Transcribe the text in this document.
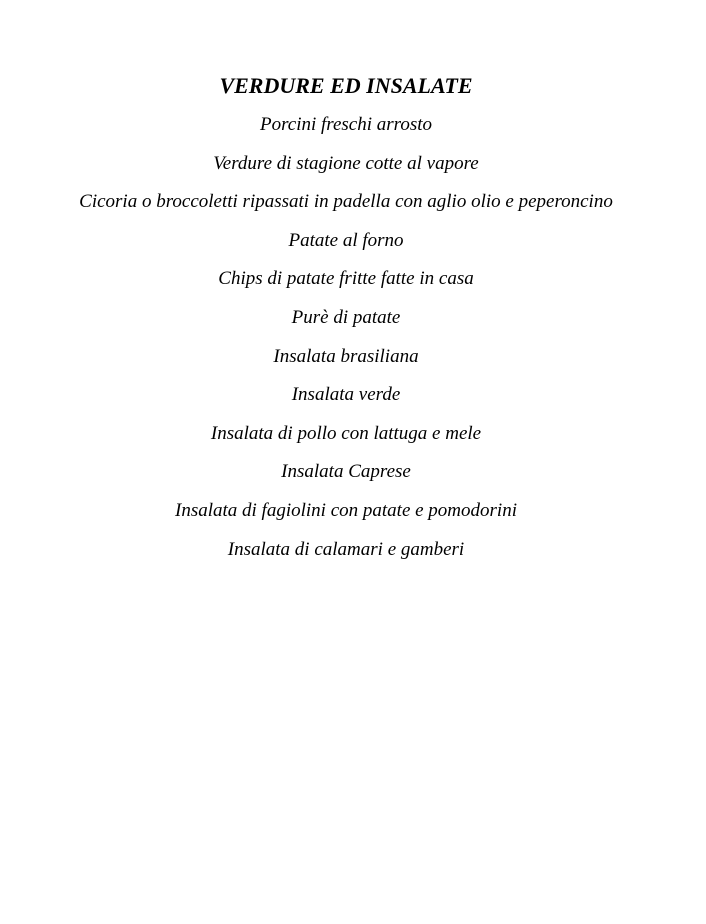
VERDURE ED INSALATE
Porcini freschi arrosto
Verdure di stagione cotte al vapore
Cicoria o broccoletti ripassati in padella con aglio olio e peperoncino
Patate al forno
Chips di patate fritte fatte in casa
Purè di patate
Insalata brasiliana
Insalata verde
Insalata di pollo con lattuga e mele
Insalata Caprese
Insalata di fagiolini con patate e pomodorini
Insalata di calamari e gamberi
